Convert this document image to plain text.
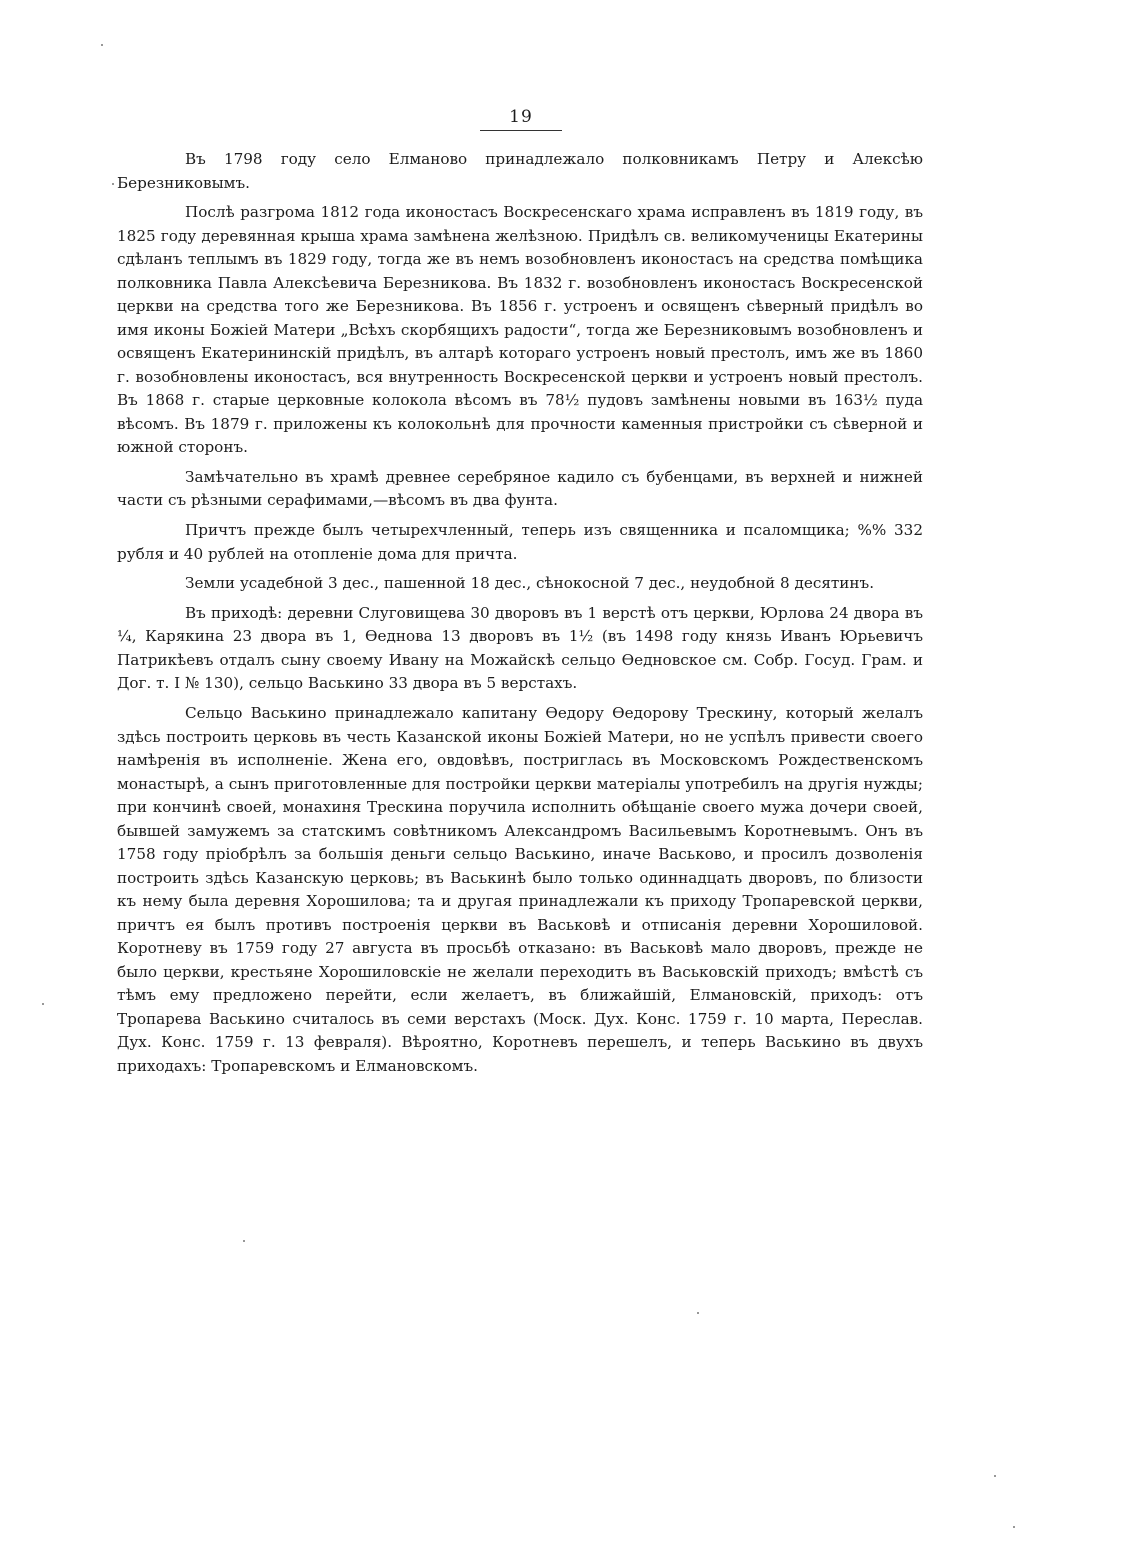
19

Въ 1798 году село Елманово принадлежало полковникамъ Петру и Алексѣю Березниковымъ.

Послѣ разгрома 1812 года иконостасъ Воскресенскаго храма исправленъ въ 1819 году, въ 1825 году деревянная крыша храма замѣнена желѣзною. Придѣлъ св. великомученицы Екатерины сдѣланъ теплымъ въ 1829 году, тогда же въ немъ возобновленъ иконостасъ на средства помѣщика полковника Павла Алексѣевича Березникова. Въ 1832 г. возобновленъ иконостасъ Воскресенской церкви на средства того же Березникова. Въ 1856 г. устроенъ и освященъ сѣверный придѣлъ во имя иконы Божіей Матери „Всѣхъ скорбящихъ радости“, тогда же Березниковымъ возобновленъ и освященъ Екатерининскій придѣлъ, въ алтарѣ котораго устроенъ новый престолъ, имъ же въ 1860 г. возобновлены иконостасъ, вся внутренность Воскресенской церкви и устроенъ новый престолъ. Въ 1868 г. старые церковные колокола вѣсомъ въ 78½ пудовъ замѣнены новыми въ 163½ пуда вѣсомъ. Въ 1879 г. приложены къ колокольнѣ для прочности каменныя пристройки съ сѣверной и южной сторонъ.

Замѣчательно въ храмѣ древнее серебряное кадило съ бубенцами, въ верхней и нижней части съ рѣзными серафимами,—вѣсомъ въ два фунта.

Причтъ прежде былъ четырехчленный, теперь изъ священника и псаломщика; %% 332 рубля и 40 рублей на отопленіе дома для причта.

Земли усадебной 3 дес., пашенной 18 дес., сѣнокосной 7 дес., неудобной 8 десятинъ.

Въ приходѣ: деревни Слуговищева 30 дворовъ въ 1 верстѣ отъ церкви, Юрлова 24 двора въ ¼, Карякина 23 двора въ 1, Ѳеднова 13 дворовъ въ 1½ (въ 1498 году князь Иванъ Юрьевичъ Патрикѣевъ отдалъ сыну своему Ивану на Можайскѣ сельцо Ѳедновское см. Собр. Госуд. Грам. и Дог. т. I № 130), сельцо Васькино 33 двора въ 5 верстахъ.

Сельцо Васькино принадлежало капитану Ѳедору Ѳедорову Трескину, который желалъ здѣсь построить церковь въ честь Казанской иконы Божіей Матери, но не успѣлъ привести своего намѣренія въ исполненіе. Жена его, овдовѣвъ, постриглась въ Московскомъ Рождественскомъ монастырѣ, а сынъ приготовленные для постройки церкви матеріалы употребилъ на другія нужды; при кончинѣ своей, монахиня Трескина поручила исполнить обѣщаніе своего мужа дочери своей, бывшей замужемъ за статскимъ совѣтникомъ Александромъ Васильевымъ Коротневымъ. Онъ въ 1758 году пріобрѣлъ за большія деньги сельцо Васькино, иначе Васьково, и просилъ дозволенія построить здѣсь Казанскую церковь; въ Васькинѣ было только одиннадцать дворовъ, по близости къ нему была деревня Хорошилова; та и другая принадлежали къ приходу Тропаревской церкви, причтъ ея былъ противъ построенія церкви въ Васьковѣ и отписанія деревни Хорошиловой. Коротневу въ 1759 году 27 августа въ просьбѣ отказано: въ Васьковѣ мало дворовъ, прежде не было церкви, крестьяне Хорошиловскіе не желали переходить въ Васьковскій приходъ; вмѣстѣ съ тѣмъ ему предложено перейти, если желаетъ, въ ближайшій, Елмановскій, приходъ: отъ Тропарева Васькино считалось въ семи верстахъ (Моск. Дух. Конс. 1759 г. 10 марта, Переслав. Дух. Конс. 1759 г. 13 февраля). Вѣроятно, Коротневъ перешелъ, и теперь Васькино въ двухъ приходахъ: Тропаревскомъ и Елмановскомъ.
